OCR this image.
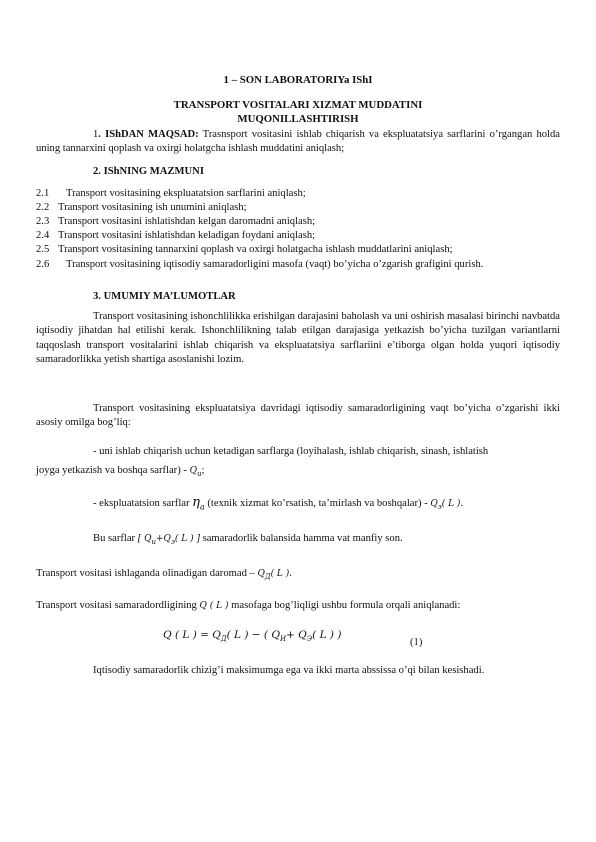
1 – SON LABORATORIYa IShI
TRANSPORT VOSITALARI XIZMAT MUDDATINI
MUQONILLASHTIRISH
1. IShDAN MAQSAD: Trasnsport vositasini ishlab chiqarish va ekspluatatsiya sarflarini o’rgangan holda uning tannarxini qoplash va oxirgi holatgcha ishlash muddatini aniqlash;
2. IShNING MAZMUNI
2.1 Transport vositasining ekspluatatsion sarflarini aniqlash;
2.2 Transport vositasining ish unumini aniqlash;
2.3 Transport vositasini ishlatishdan kelgan daromadni aniqlash;
2.4 Transport vositasini ishlatishdan keladigan foydani aniqlash;
2.5 Transport vositasining tannarxini qoplash va oxirgi holatgacha ishlash muddatlarini aniqlash;
2.6 Transport vositasining iqtisodiy samaradorligini masofa (vaqt) bo’yicha o’zgarish grafigini qurish.
3. UMUMIY MA’LUMOTLAR
Transport vositasining ishonchlilikka erishilgan darajasini baholash va uni oshirish masalasi birinchi navbatda iqtisodiy jihatdan hal etilishi kerak. Ishonchlilikning talab etilgan darajasiga yetkazish bo’yicha tuzilgan variantlarni taqqoslash transport vositalarini ishlab chiqarish va ekspluatatsiya sarflariini e’tiborga olgan holda yuqori iqtisodiy samaradorlikka yetish shartiga asoslanishi lozim.
Transport vositasining ekspluatatsiya davridagi iqtisodiy samaradorligining vaqt bo’yicha o’zgarishi ikki asosiy omilga bog’liq:
- uni ishlab chiqarish uchun ketadigan sarflarga (loyihalash, ishlab chiqarish, sinash, ishlatish
joyga yetkazish va boshqa sarflar) - $Q_u$;
- ekspluatatsion sarflar $\eta_a$ (texnik xizmat ko’rsatish, ta’mirlash va boshqalar) - $Q_э$( L ).
Bu sarflar [ $Q_u+Q_э$( L ) ] samaradorlik balansida hamma vat manfiy son.
Transport vositasi ishlaganda olinadigan daromad – $Q_Д$( L ).
Transport vositasi samaradordligining Q ( L ) masofaga bog’liqligi ushbu formula orqali aniqlanadi:
Q ( L ) = $Q_Д$( L ) − ( $Q_И+ Q_Э$( L ) )
(1)
Iqtisodiy samaradorlik chizig’i maksimumga ega va ikki marta abssissa o’qi bilan kesishadi.
